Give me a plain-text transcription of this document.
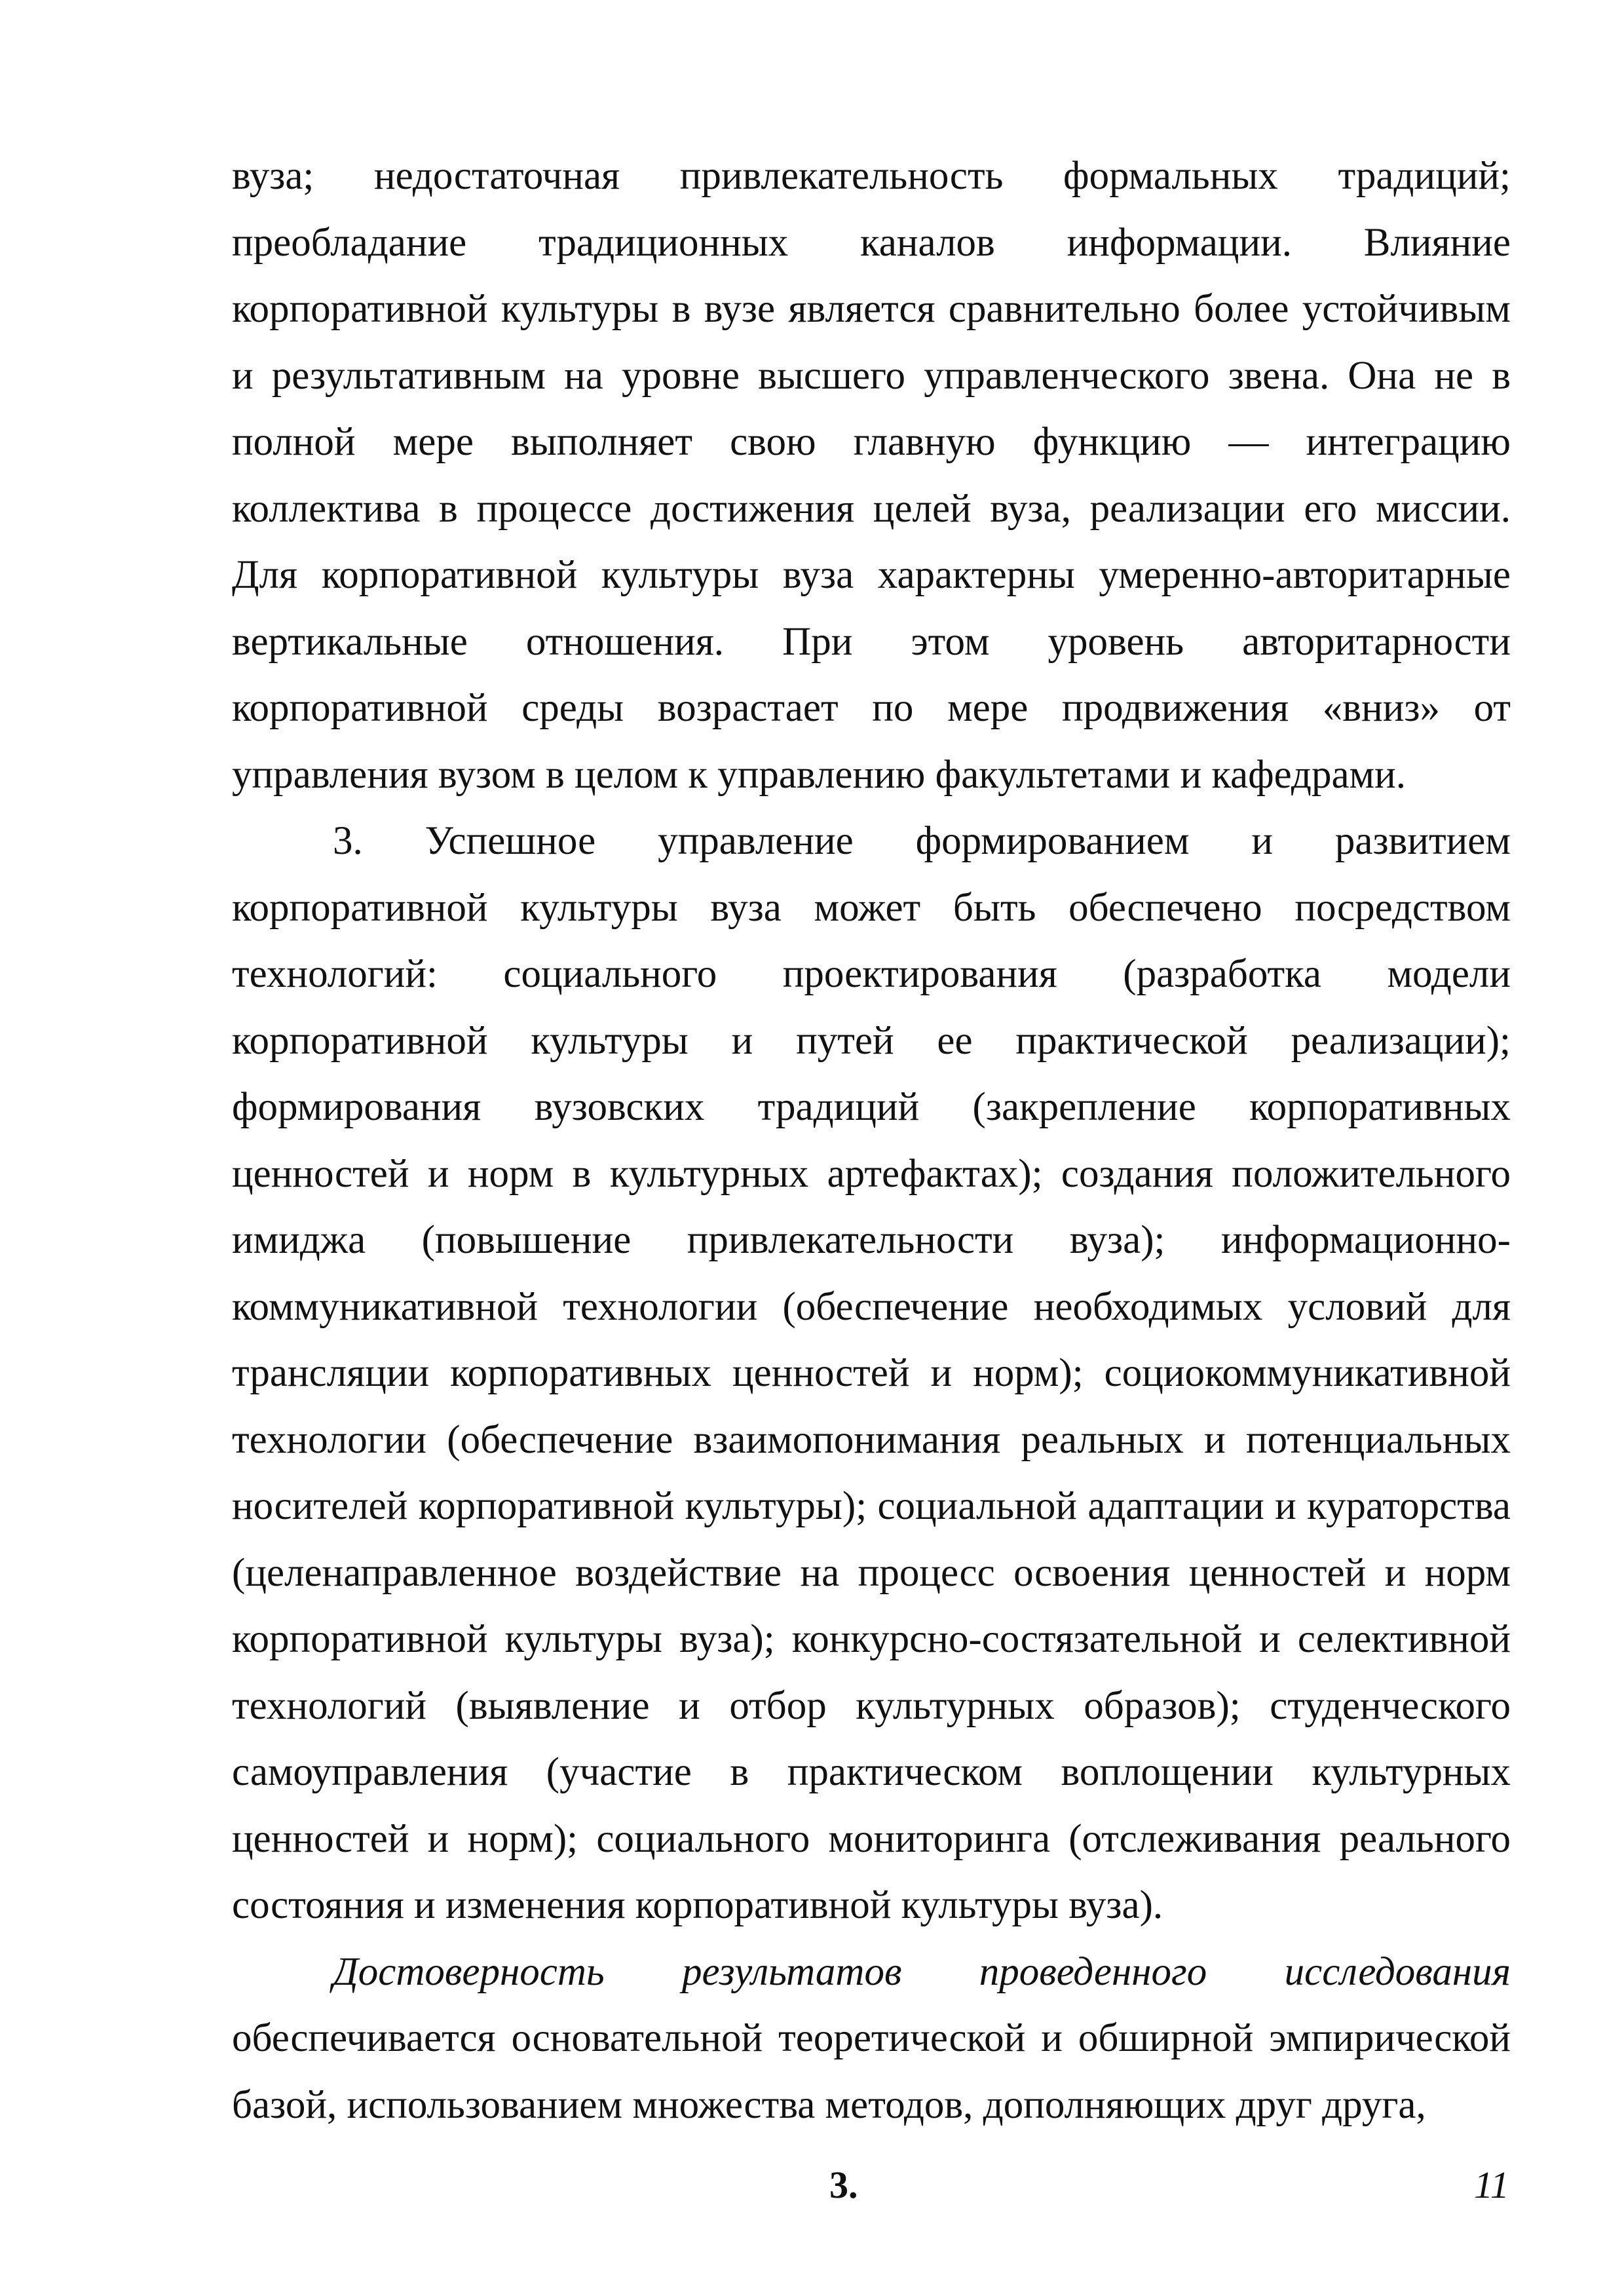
вуза; недостаточная привлекательность формальных традиций; преобладание традиционных каналов информации. Влияние корпоративной культуры в вузе является сравнительно более устойчивым и результативным на уровне высшего управленческого звена. Она не в полной мере выполняет свою главную функцию — интеграцию коллектива в процессе достижения целей вуза, реализации его миссии. Для корпоративной культуры вуза характерны умеренно-авторитарные вертикальные отношения. При этом уровень авторитарности корпоративной среды возрастает по мере продвижения «вниз» от управления вузом в целом к управлению факультетами и кафедрами.

3. Успешное управление формированием и развитием корпоративной культуры вуза может быть обеспечено посредством технологий: социального проектирования (разработка модели корпоративной культуры и путей ее практической реализации); формирования вузовских традиций (закрепление корпоративных ценностей и норм в культурных артефактах); создания положительного имиджа (повышение привлекательности вуза); информационно-коммуникативной технологии (обеспечение необходимых условий для трансляции корпоративных ценностей и норм); социокоммуникативной технологии (обеспечение взаимопонимания реальных и потенциальных носителей корпоративной культуры); социальной адаптации и кураторства (целенаправленное воздействие на процесс освоения ценностей и норм корпоративной культуры вуза); конкурсно-состязательной и селективной технологий (выявление и отбор культурных образов); студенческого самоуправления (участие в практическом воплощении культурных ценностей и норм); социального мониторинга (отслеживания реального состояния и изменения корпоративной культуры вуза).

Достоверность результатов проведенного исследования обеспечивается основательной теоретической и обширной эмпирической базой, использованием множества методов, дополняющих друг друга,

3.	11
